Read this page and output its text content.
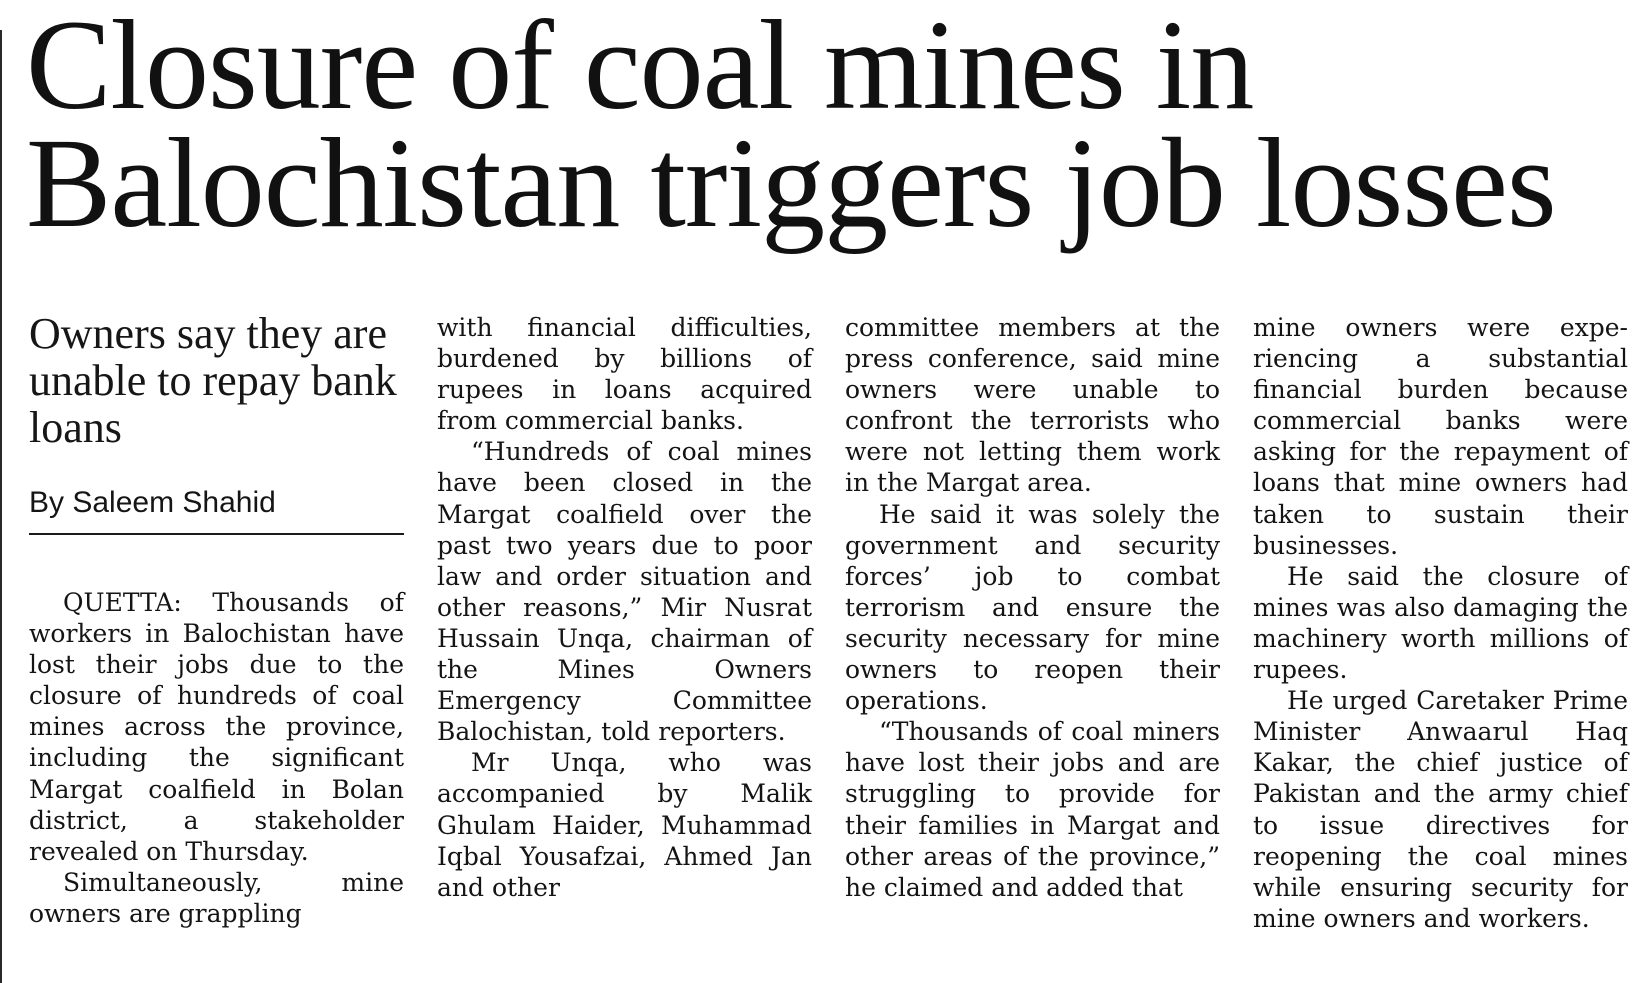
Closure of coal mines in
Balochistan triggers job losses
Owners say they are unable to repay bank loans
By Saleem Shahid

QUETTA: Thousands of workers in Balochistan have lost their jobs due to the closure of hundreds of coal mines across the province, including the significant Margat coalfield in Bolan district, a stakeholder revealed on Thursday.

Simultaneously, mine owners are grappling

with financial difficulties, burdened by billions of rupees in loans acquired from commercial banks.

“Hundreds of coal mines have been closed in the Margat coalfield over the past two years due to poor law and order situation and other reasons,” Mir Nusrat Hussain Unqa, chairman of the Mines Owners Emergency Committee Balochistan, told reporters.

Mr Unqa, who was accompanied by Malik Ghulam Haider, Muhammad Iqbal Yousafzai, Ahmed Jan and other

committee members at the press conference, said mine owners were unable to confront the terrorists who were not letting them work in the Margat area.

He said it was solely the government and security forces’ job to combat terrorism and ensure the security necessary for mine owners to reopen their operations.

“Thousands of coal miners have lost their jobs and are struggling to provide for their families in Margat and other areas of the province,” he claimed and added that

mine owners were experiencing a substantial financial burden because commercial banks were asking for the repayment of loans that mine owners had taken to sustain their businesses.

He said the closure of mines was also damaging the machinery worth millions of rupees.

He urged Caretaker Prime Minister Anwaarul Haq Kakar, the chief justice of Pakistan and the army chief to issue directives for reopening the coal mines while ensuring security for mine owners and workers.
